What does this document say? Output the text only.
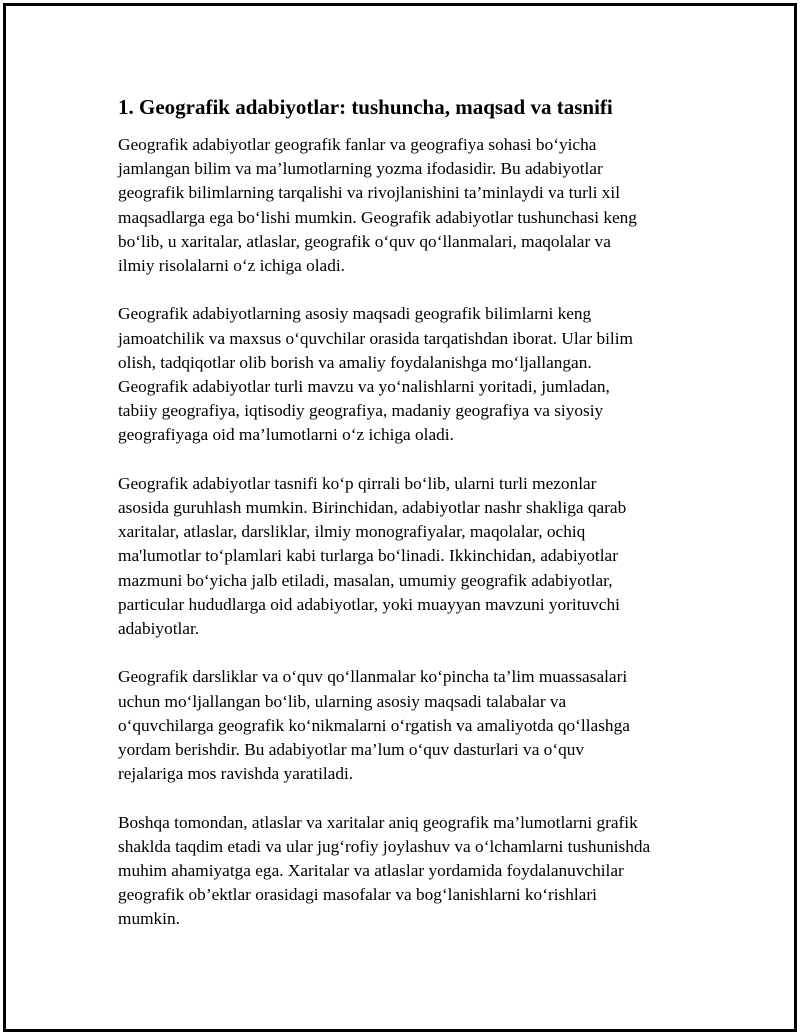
1. Geografik adabiyotlar: tushuncha, maqsad va tasnifi

Geografik adabiyotlar geografik fanlar va geografiya sohasi bo‘yicha
jamlangan bilim va ma’lumotlarning yozma ifodasidir. Bu adabiyotlar
geografik bilimlarning tarqalishi va rivojlanishini ta’minlaydi va turli xil
maqsadlarga ega bo‘lishi mumkin. Geografik adabiyotlar tushunchasi keng
bo‘lib, u xaritalar, atlaslar, geografik o‘quv qo‘llanmalari, maqolalar va
ilmiy risolalarni o‘z ichiga oladi.

Geografik adabiyotlarning asosiy maqsadi geografik bilimlarni keng
jamoatchilik va maxsus o‘quvchilar orasida tarqatishdan iborat. Ular bilim
olish, tadqiqotlar olib borish va amaliy foydalanishga mo‘ljallangan.
Geografik adabiyotlar turli mavzu va yo‘nalishlarni yoritadi, jumladan,
tabiiy geografiya, iqtisodiy geografiya, madaniy geografiya va siyosiy
geografiyaga oid ma’lumotlarni o‘z ichiga oladi.

Geografik adabiyotlar tasnifi ko‘p qirrali bo‘lib, ularni turli mezonlar
asosida guruhlash mumkin. Birinchidan, adabiyotlar nashr shakliga qarab
xaritalar, atlaslar, darsliklar, ilmiy monografiyalar, maqolalar, ochiq
ma'lumotlar to‘plamlari kabi turlarga bo‘linadi. Ikkinchidan, adabiyotlar
mazmuni bo‘yicha jalb etiladi, masalan, umumiy geografik adabiyotlar,
particular hududlarga oid adabiyotlar, yoki muayyan mavzuni yorituvchi
adabiyotlar.

Geografik darsliklar va o‘quv qo‘llanmalar ko‘pincha ta’lim muassasalari
uchun mo‘ljallangan bo‘lib, ularning asosiy maqsadi talabalar va
o‘quvchilarga geografik ko‘nikmalarni o‘rgatish va amaliyotda qo‘llashga
yordam berishdir. Bu adabiyotlar ma’lum o‘quv dasturlari va o‘quv
rejalariga mos ravishda yaratiladi.

Boshqa tomondan, atlaslar va xaritalar aniq geografik ma’lumotlarni grafik
shaklda taqdim etadi va ular jug‘rofiy joylashuv va o‘lchamlarni tushunishda
muhim ahamiyatga ega. Xaritalar va atlaslar yordamida foydalanuvchilar
geografik ob’ektlar orasidagi masofalar va bog‘lanishlarni ko‘rishlari
mumkin.
